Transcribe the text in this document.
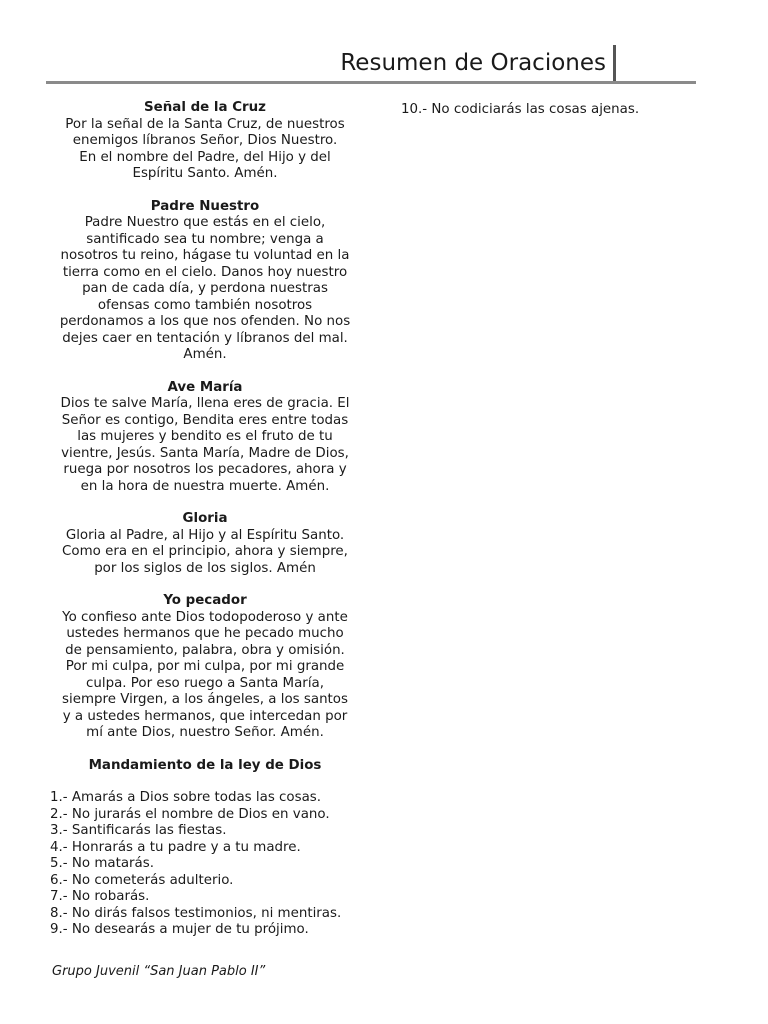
Resumen de Oraciones
Señal de la Cruz
Por la señal de la Santa Cruz, de nuestros
enemigos líbranos Señor, Dios Nuestro.
En el nombre del Padre, del Hijo y del
Espíritu Santo. Amén.
Padre Nuestro
Padre Nuestro que estás en el cielo,
santificado sea tu nombre; venga a
nosotros tu reino, hágase tu voluntad en la
tierra como en el cielo. Danos hoy nuestro
pan de cada día, y perdona nuestras
ofensas como también nosotros
perdonamos a los que nos ofenden. No nos
dejes caer en tentación y líbranos del mal.
Amén.
Ave María
Dios te salve María, llena eres de gracia. El
Señor es contigo, Bendita eres entre todas
las mujeres y bendito es el fruto de tu
vientre, Jesús. Santa María, Madre de Dios,
ruega por nosotros los pecadores, ahora y
en la hora de nuestra muerte. Amén.
Gloria
Gloria al Padre, al Hijo y al Espíritu Santo.
Como era en el principio, ahora y siempre,
por los siglos de los siglos. Amén
Yo pecador
Yo confieso ante Dios todopoderoso y ante
ustedes hermanos que he pecado mucho
de pensamiento, palabra, obra y omisión.
Por mi culpa, por mi culpa, por mi grande
culpa. Por eso ruego a Santa María,
siempre Virgen, a los ángeles, a los santos
y a ustedes hermanos, que intercedan por
mí ante Dios, nuestro Señor. Amén.
Mandamiento de la ley de Dios
1.- Amarás a Dios sobre todas las cosas.
2.- No jurarás el nombre de Dios en vano.
3.- Santificarás las fiestas.
4.- Honrarás a tu padre y a tu madre.
5.- No matarás.
6.- No cometerás adulterio.
7.- No robarás.
8.- No dirás falsos testimonios, ni mentiras.
9.- No desearás a mujer de tu prójimo.
10.- No codiciarás las cosas ajenas.
Grupo Juvenil “San Juan Pablo II”
